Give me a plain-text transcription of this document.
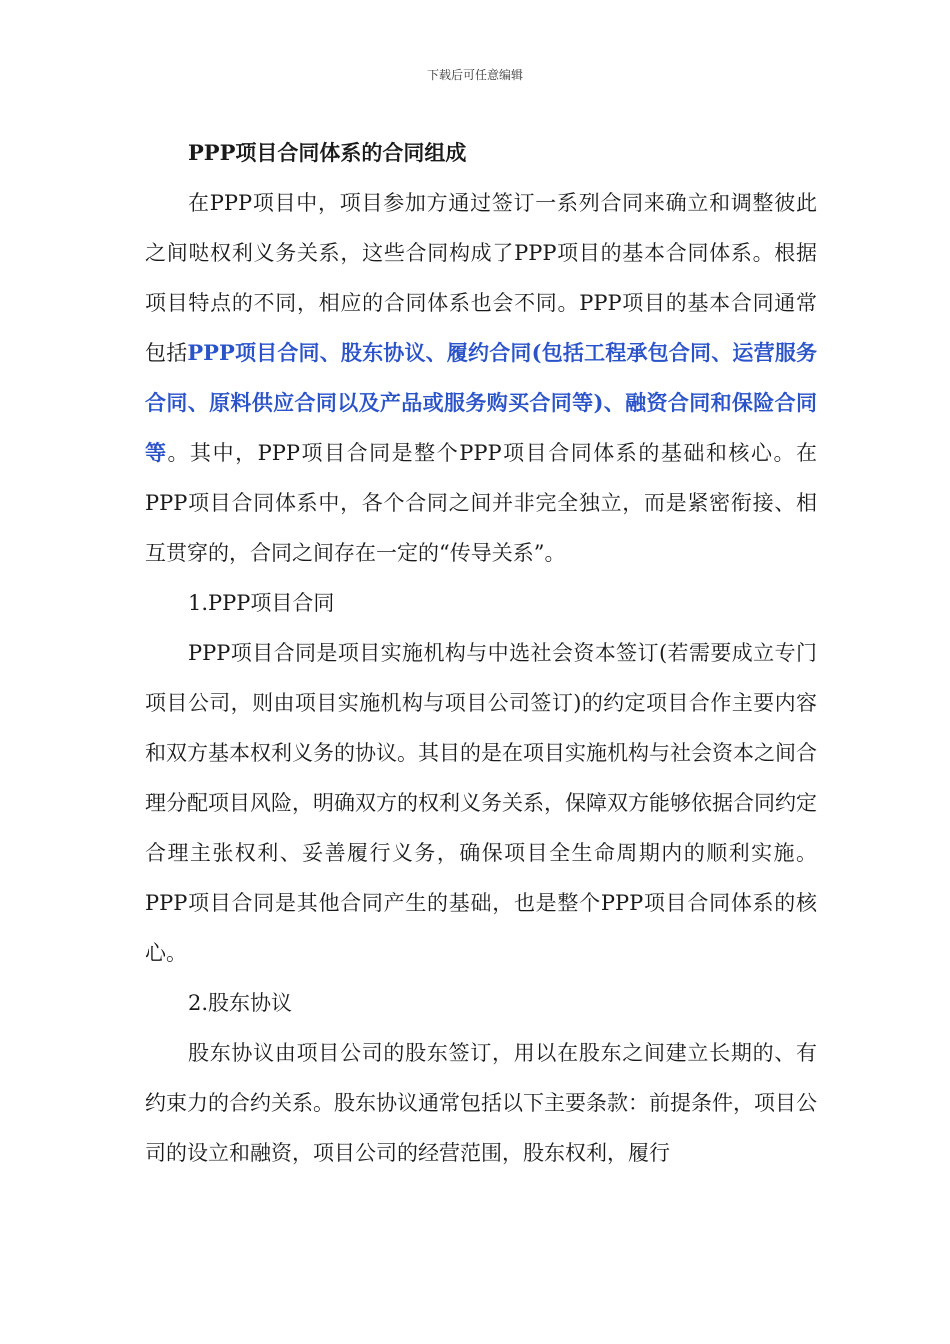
下载后可任意编辑
PPP项目合同体系的合同组成

在PPP项目中，项目参加方通过签订一系列合同来确立和调整彼此之间哒权利义务关系，这些合同构成了PPP项目的基本合同体系。根据项目特点的不同，相应的合同体系也会不同。PPP项目的基本合同通常包括PPP项目合同、股东协议、履约合同(包括工程承包合同、运营服务合同、原料供应合同以及产品或服务购买合同等)、融资合同和保险合同等。其中，PPP项目合同是整个PPP项目合同体系的基础和核心。在PPP项目合同体系中，各个合同之间并非完全独立，而是紧密衔接、相互贯穿的，合同之间存在一定的“传导关系”。

1.PPP项目合同

PPP项目合同是项目实施机构与中选社会资本签订(若需要成立专门项目公司，则由项目实施机构与项目公司签订)的约定项目合作主要内容和双方基本权利义务的协议。其目的是在项目实施机构与社会资本之间合理分配项目风险，明确双方的权利义务关系，保障双方能够依据合同约定合理主张权利、妥善履行义务，确保项目全生命周期内的顺利实施。PPP项目合同是其他合同产生的基础，也是整个PPP项目合同体系的核心。

2.股东协议

股东协议由项目公司的股东签订，用以在股东之间建立长期的、有约束力的合约关系。股东协议通常包括以下主要条款：前提条件，项目公司的设立和融资，项目公司的经营范围，股东权利，履行
